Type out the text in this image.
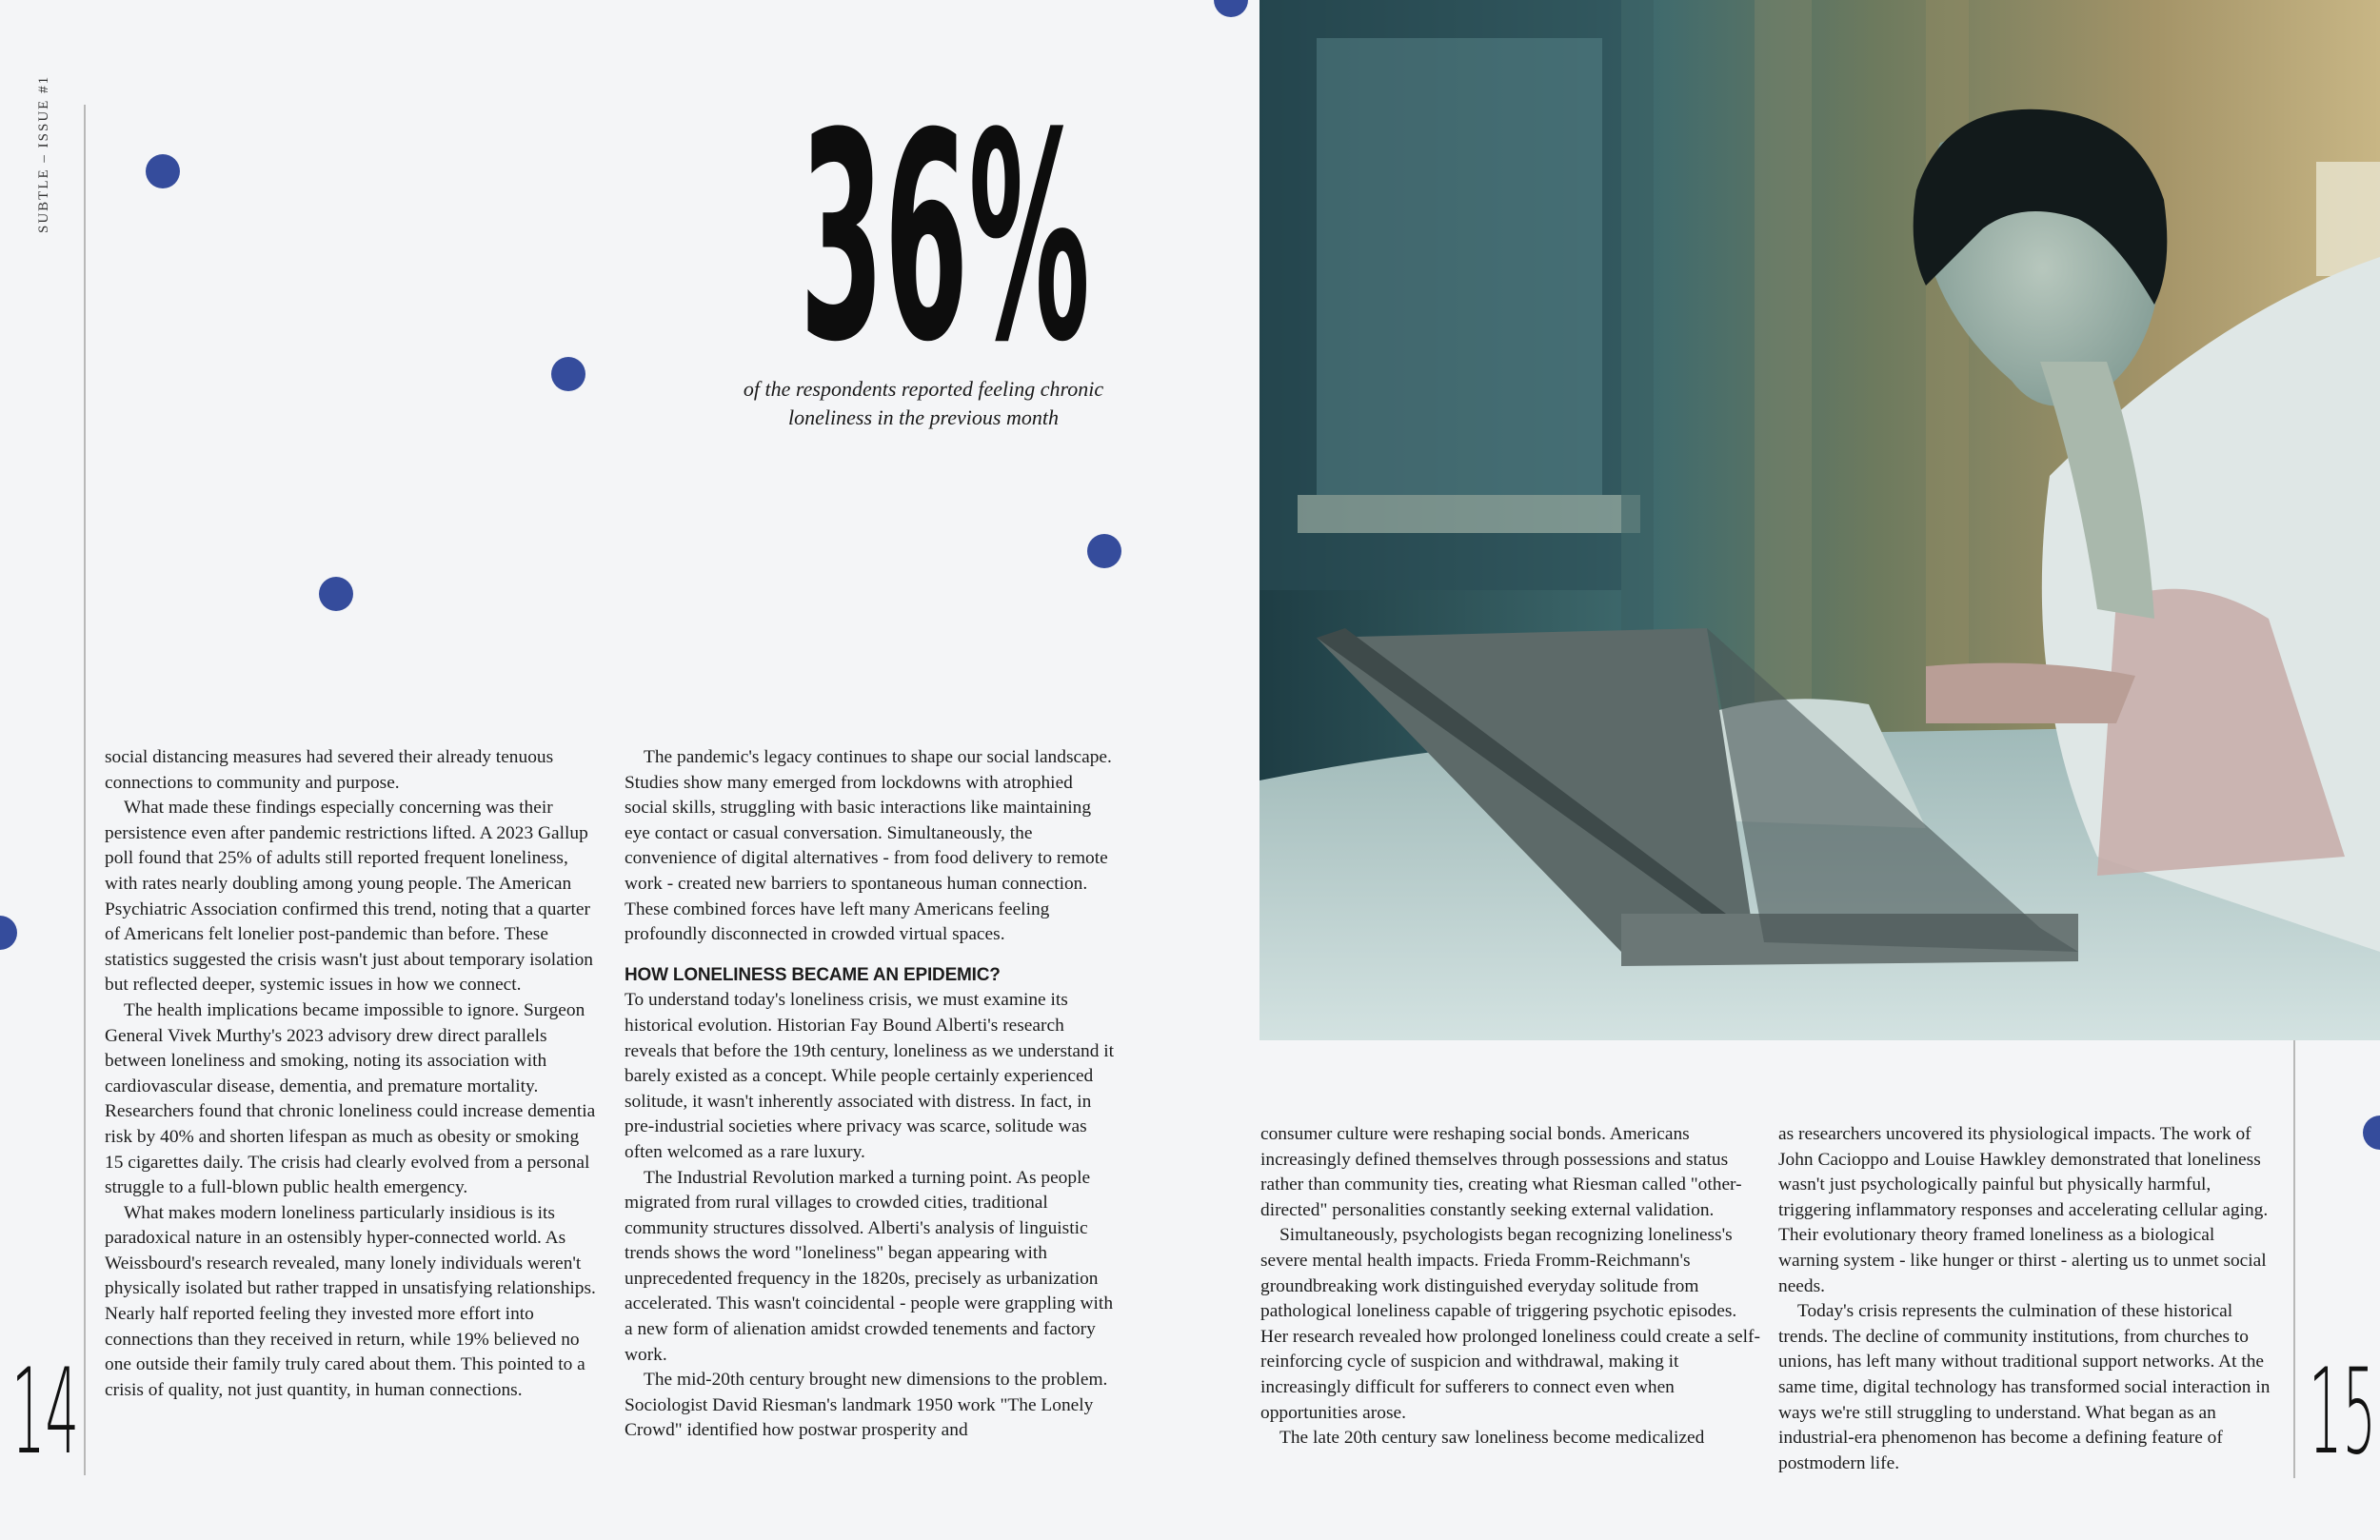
SUBTLE – ISSUE #1	36%
of the respondents reported feeling chronic
loneliness in the previous month

social distancing measures had severed their already tenuous connections to community and purpose.

What made these findings especially concerning was their persistence even after pandemic restrictions lifted. A 2023 Gallup poll found that 25% of adults still reported frequent loneliness, with rates nearly doubling among young people. The American Psychiatric Association confirmed this trend, noting that a quarter of Americans felt lonelier post-pandemic than before. These statistics suggested the crisis wasn't just about temporary isolation but reflected deeper, systemic issues in how we connect.

The health implications became impossible to ignore. Surgeon General Vivek Murthy's 2023 advisory drew direct parallels between loneliness and smoking, noting its association with cardiovascular disease, dementia, and premature mortality. Researchers found that chronic loneliness could increase dementia risk by 40% and shorten lifespan as much as obesity or smoking 15 cigarettes daily. The crisis had clearly evolved from a personal struggle to a full-blown public health emergency.

What makes modern loneliness particularly insidious is its paradoxical nature in an ostensibly hyper-connected world. As Weissbourd's research revealed, many lonely individuals weren't physically isolated but rather trapped in unsatisfying relationships. Nearly half reported feeling they invested more effort into connections than they received in return, while 19% believed no one outside their family truly cared about them. This pointed to a crisis of quality, not just quantity, in human connections.

The pandemic's legacy continues to shape our social landscape. Studies show many emerged from lockdowns with atrophied social skills, struggling with basic interactions like maintaining eye contact or casual conversation. Simultaneously, the convenience of digital alternatives - from food delivery to remote work - created new barriers to spontaneous human connection. These combined forces have left many Americans feeling profoundly disconnected in crowded virtual spaces.

HOW LONELINESS BECAME AN EPIDEMIC?

To understand today's loneliness crisis, we must examine its historical evolution. Historian Fay Bound Alberti's research reveals that before the 19th century, loneliness as we understand it barely existed as a concept. While people certainly experienced solitude, it wasn't inherently associated with distress. In fact, in pre-industrial societies where privacy was scarce, solitude was often welcomed as a rare luxury.

The Industrial Revolution marked a turning point. As people migrated from rural villages to crowded cities, traditional community structures dissolved. Alberti's analysis of linguistic trends shows the word "loneliness" began appearing with unprecedented frequency in the 1820s, precisely as urbanization accelerated. This wasn't coincidental - people were grappling with a new form of alienation amidst crowded tenements and factory work.

The mid-20th century brought new dimensions to the problem. Sociologist David Riesman's landmark 1950 work "The Lonely Crowd" identified how postwar prosperity and

consumer culture were reshaping social bonds. Americans increasingly defined themselves through possessions and status rather than community ties, creating what Riesman called "other-directed" personalities constantly seeking external validation.

Simultaneously, psychologists began recognizing loneliness's severe mental health impacts. Frieda Fromm-Reichmann's groundbreaking work distinguished everyday solitude from pathological loneliness capable of triggering psychotic episodes. Her research revealed how prolonged loneliness could create a self-reinforcing cycle of suspicion and withdrawal, making it increasingly difficult for sufferers to connect even when opportunities arose.

The late 20th century saw loneliness become medicalized

as researchers uncovered its physiological impacts. The work of John Cacioppo and Louise Hawkley demonstrated that loneliness wasn't just psychologically painful but physically harmful, triggering inflammatory responses and accelerating cellular aging. Their evolutionary theory framed loneliness as a biological warning system - like hunger or thirst - alerting us to unmet social needs.

Today's crisis represents the culmination of these historical trends. The decline of community institutions, from churches to unions, has left many without traditional support networks. At the same time, digital technology has transformed social interaction in ways we're still struggling to understand. What began as an industrial-era phenomenon has become a defining feature of postmodern life.

14	15
